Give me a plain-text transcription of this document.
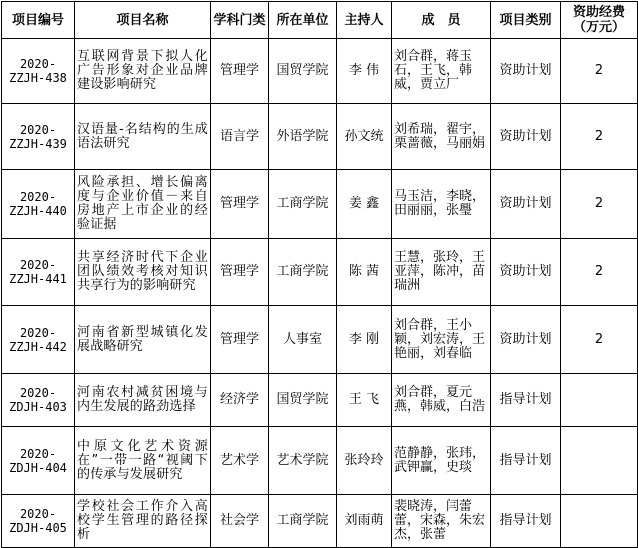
项目编号	项目名称	学科门类	所在单位	主持人	成　员	项目类别	资助经费（万元）
2020-ZZJH-438	互联网背景下拟人化广告形象对企业品牌建设影响研究	管理学	国贸学院	李 伟	刘合群，蒋玉石，王飞，韩威，贾立厂	资助计划	2
2020-ZZJH-439	汉语量-名结构的生成语法研究	语言学	外语学院	孙文统	刘希瑞，翟宇，栗蔷薇，马丽娟	资助计划	2
2020-ZZJH-440	风险承担、增长偏离度与企业价值－来自房地产上市企业的经验证据	管理学	工商学院	姜 鑫	马玉洁，李晓，田丽丽，张璺	资助计划	2
2020-ZZJH-441	共享经济时代下企业团队绩效考核对知识共享行为的影响研究	管理学	工商学院	陈 茜	王慧，张玲，王亚萍，陈冲，苗瑞洲	资助计划	2
2020-ZZJH-442	河南省新型城镇化发展战略研究	管理学	人事室	李 刚	刘合群，王小颖，刘宏涛，王艳丽，刘春临	资助计划	2
2020-ZDJH-403	河南农村减贫困境与内生发展的路劲选择	经济学	国贸学院	王 飞	刘合群，夏元燕，韩威，白浩	指导计划	
2020-ZDJH-404	中原文化艺术资源在”一带一路“视阈下的传承与发展研究	艺术学	艺术学院	张玲玲	范静静，张玮，武钾赢，史琰	指导计划	
2020-ZDJH-405	学校社会工作介入高校学生管理的路径探析	社会学	工商学院	刘雨萌	裴晓涛，闫蕾蕾，宋森，朱宏杰，张蕾	指导计划	
